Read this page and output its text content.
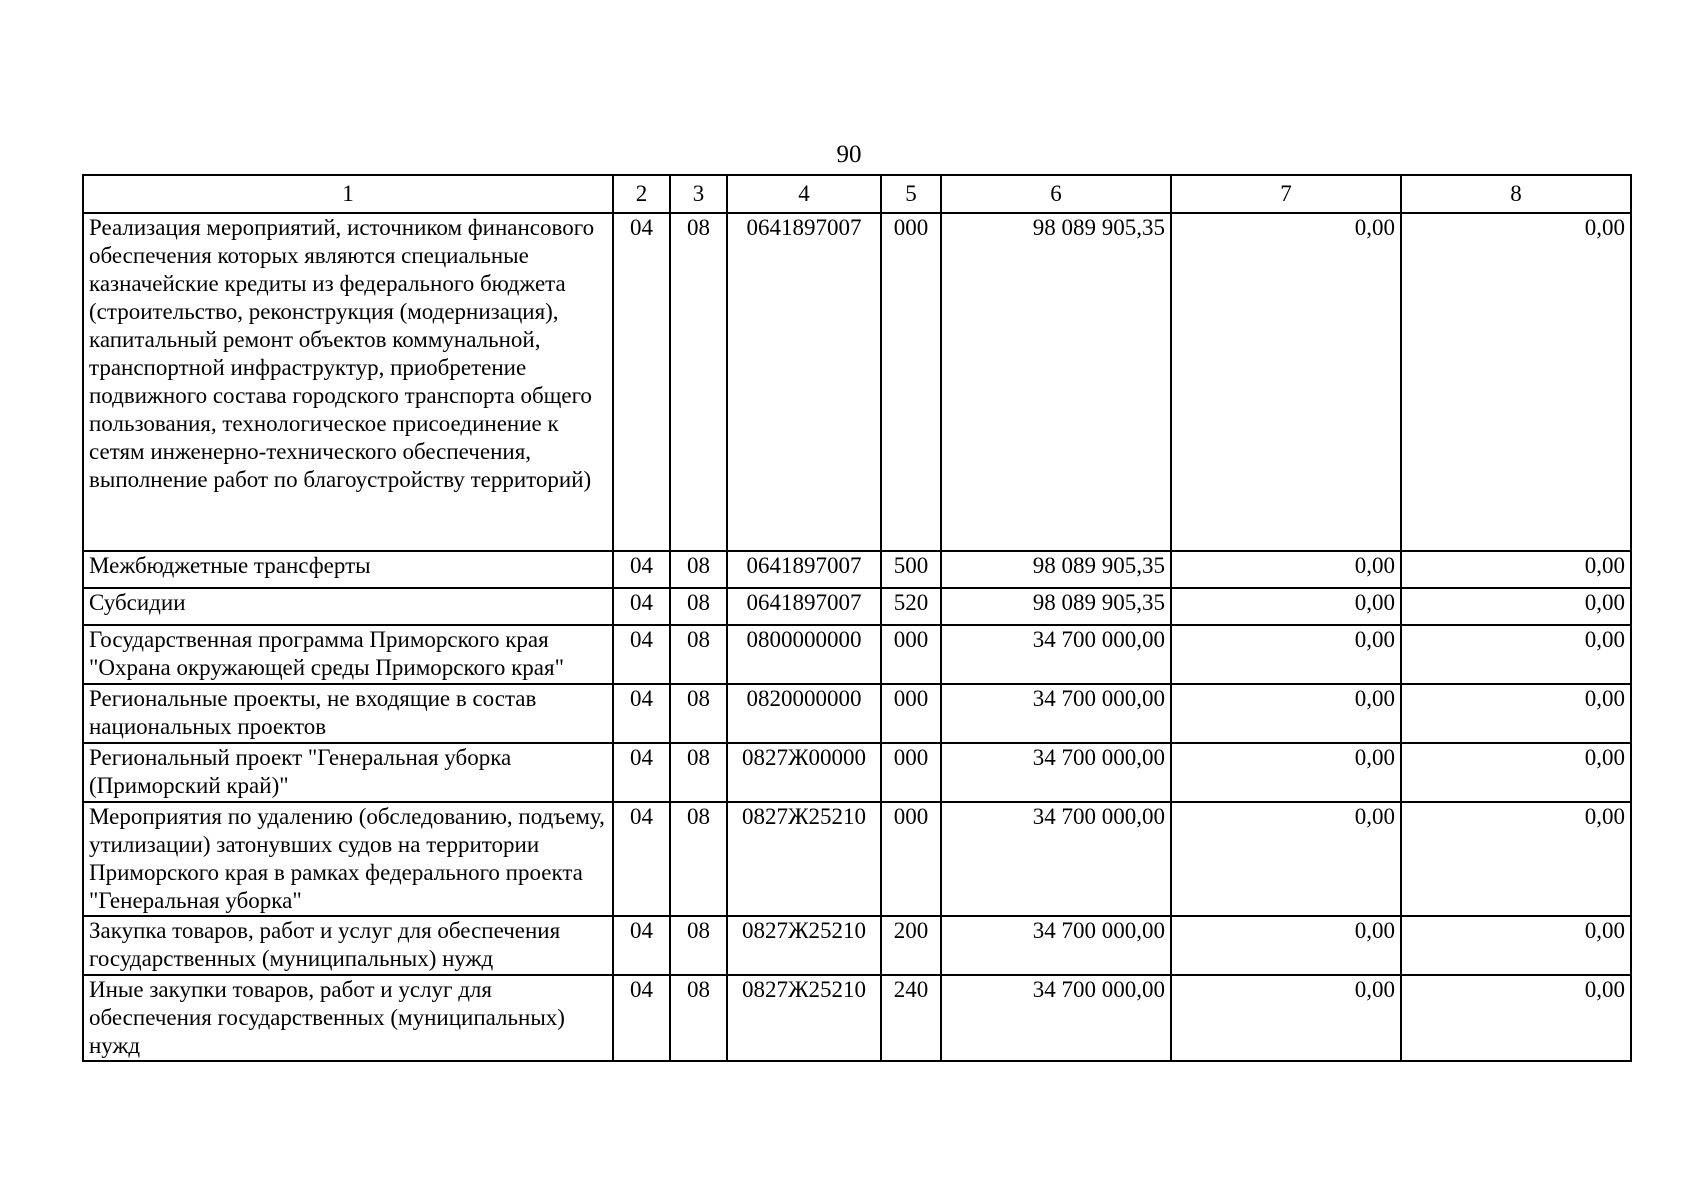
90
1	2	3	4	5	6	7	8
Реализация мероприятий, источником финансового обеспечения которых являются специальные казначейские кредиты из федерального бюджета (строительство, реконструкция (модернизация), капитальный ремонт объектов коммунальной, транспортной инфраструктур, приобретение подвижного состава городского транспорта общего пользования, технологическое присоединение к сетям инженерно-технического обеспечения, выполнение работ по благоустройству территорий)	04	08	0641897007	000	98 089 905,35	0,00	0,00
Межбюджетные трансферты	04	08	0641897007	500	98 089 905,35	0,00	0,00
Субсидии	04	08	0641897007	520	98 089 905,35	0,00	0,00
Государственная программа Приморского края "Охрана окружающей среды Приморского края"	04	08	0800000000	000	34 700 000,00	0,00	0,00
Региональные проекты, не входящие в состав национальных проектов	04	08	0820000000	000	34 700 000,00	0,00	0,00
Региональный проект "Генеральная уборка (Приморский край)"	04	08	0827Ж00000	000	34 700 000,00	0,00	0,00
Мероприятия по удалению (обследованию, подъему, утилизации) затонувших судов на территории Приморского края в рамках федерального проекта "Генеральная уборка"	04	08	0827Ж25210	000	34 700 000,00	0,00	0,00
Закупка товаров, работ и услуг для обеспечения государственных (муниципальных) нужд	04	08	0827Ж25210	200	34 700 000,00	0,00	0,00
Иные закупки товаров, работ и услуг для обеспечения государственных (муниципальных) нужд	04	08	0827Ж25210	240	34 700 000,00	0,00	0,00
